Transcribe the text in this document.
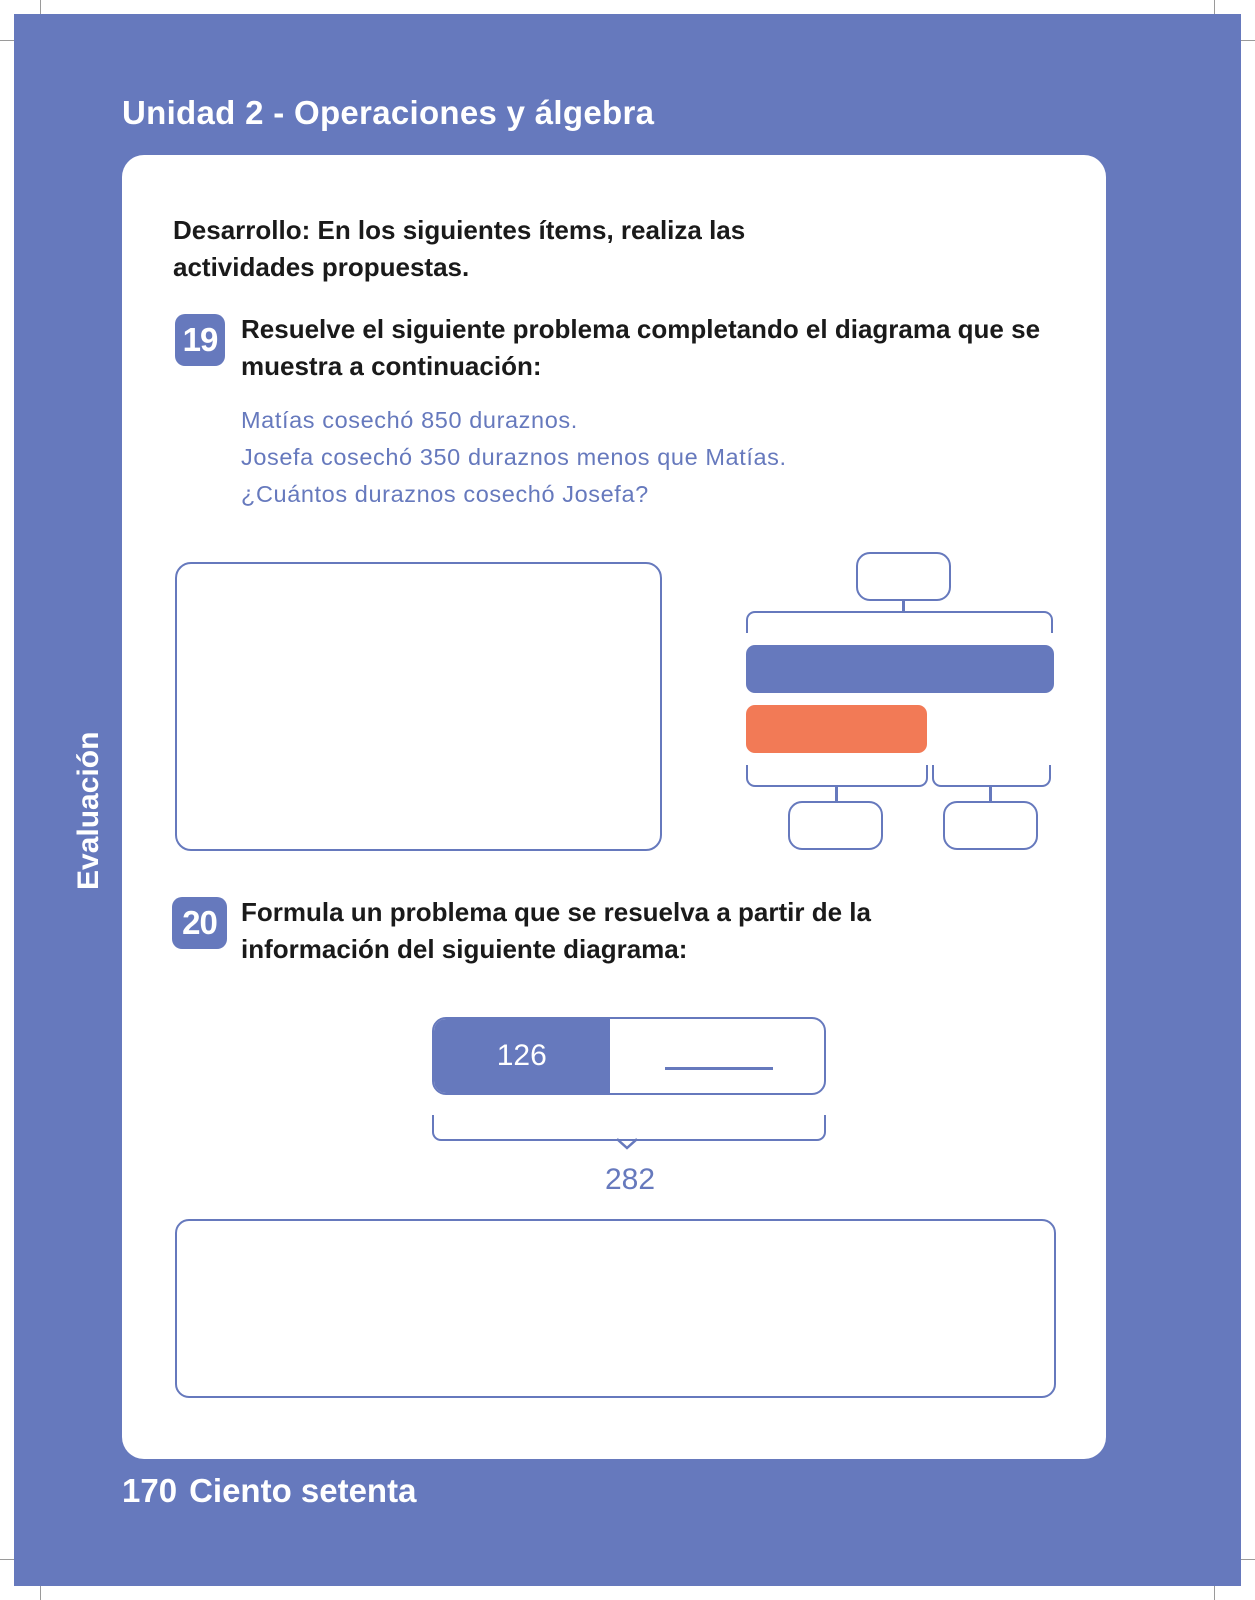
Unidad 2 - Operaciones y álgebra
Evaluación
Desarrollo: En los siguientes ítems, realiza las actividades propuestas.
19 Resuelve el siguiente problema completando el diagrama que se muestra a continuación:
Matías cosechó 850 duraznos.
Josefa cosechó 350 duraznos menos que Matías.
¿Cuántos duraznos cosechó Josefa?
20 Formula un problema que se resuelva a partir de la información del siguiente diagrama:
126
282
170 Ciento setenta
